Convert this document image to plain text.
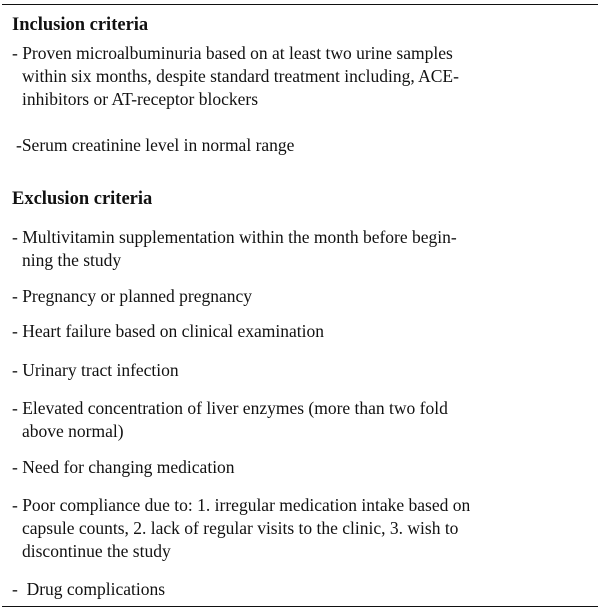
Inclusion criteria
- Proven microalbuminuria based on at least two urine samples
within six months, despite standard treatment including, ACE-
inhibitors or AT-receptor blockers
-Serum creatinine level in normal range
Exclusion criteria
- Multivitamin supplementation within the month before begin-
ning the study
- Pregnancy or planned pregnancy
- Heart failure based on clinical examination
- Urinary tract infection
- Elevated concentration of liver enzymes (more than two fold
above normal)
- Need for changing medication
- Poor compliance due to: 1. irregular medication intake based on
capsule counts, 2. lack of regular visits to the clinic, 3. wish to
discontinue the study
-  Drug complications
